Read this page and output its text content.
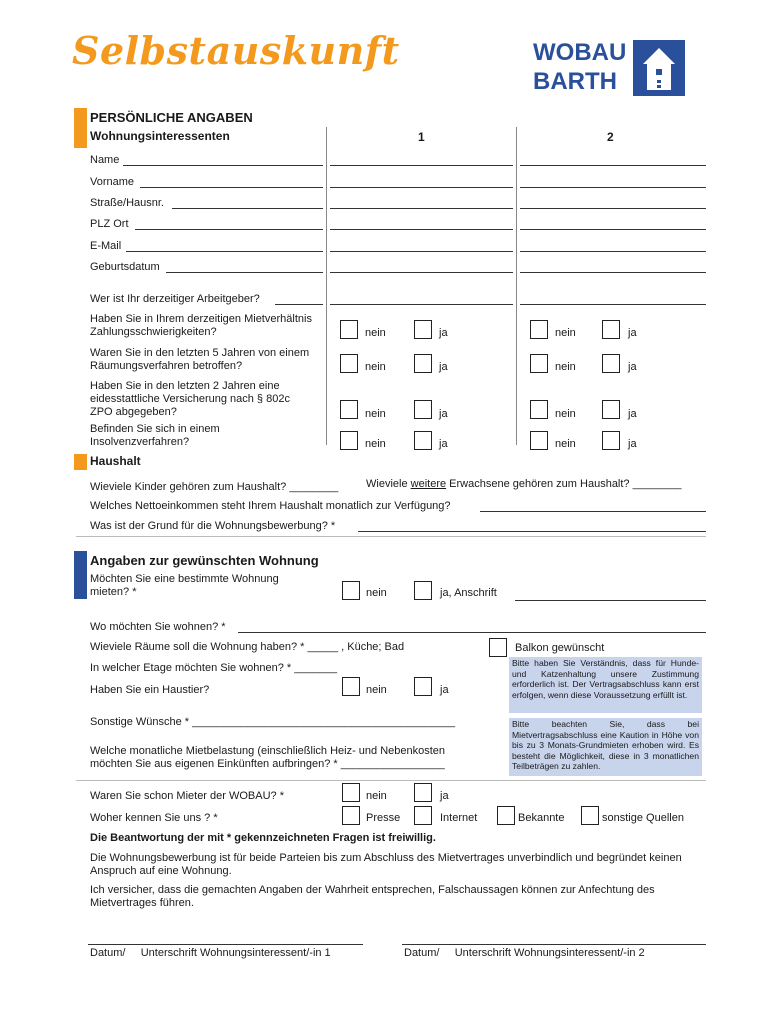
Selbstauskunft	WOBAU
BARTH
PERSÖNLICHE ANGABEN
Wohnungsinteressenten	1	2
Name
Vorname
Straße/Hausnr.
PLZ Ort
E-Mail
Geburtsdatum
Wer ist Ihr derzeitiger Arbeitgeber?
Haben Sie in Ihrem derzeitigen Mietverhältnis Zahlungsschwierigkeiten?	nein	ja	nein	ja
Waren Sie in den letzten 5 Jahren von einem Räumungsverfahren betroffen?	nein	ja	nein	ja
Haben Sie in den letzten 2 Jahren eine eidesstattliche Versicherung nach § 802c ZPO abgegeben?	nein	ja	nein	ja
Befinden Sie sich in einem Insolvenzverfahren?	nein	ja	nein	ja
Haushalt
Wieviele Kinder gehören zum Haushalt? ________	Wieviele weitere Erwachsene gehören zum Haushalt? ________
Welches Nettoeinkommen steht Ihrem Haushalt monatlich zur Verfügung?
Was ist der Grund für die Wohnungsbewerbung? *
Angaben zur gewünschten Wohnung
Möchten Sie eine bestimmte Wohnung mieten? *	nein	ja, Anschrift
Wo möchten Sie wohnen? *
Wieviele Räume soll die Wohnung haben? * _____ , Küche; Bad	Balkon gewünscht
In welcher Etage möchten Sie wohnen? * _______
Haben Sie ein Haustier?	nein	ja
Bitte haben Sie Verständnis, dass für Hunde- und Katzenhaltung unsere Zustimmung erforderlich ist. Der Vertragsabschluss kann erst erfolgen, wenn diese Voraussetzung erfüllt ist.
Sonstige Wünsche * ___________________________________________	Bitte beachten Sie, dass bei Mietvertragsabschluss eine Kaution in Höhe von bis zu 3 Monats-Grundmieten erhoben wird. Es besteht die Möglichkeit, diese in 3 monatlichen Teilbeträgen zu zahlen.
Welche monatliche Mietbelastung (einschließlich Heiz- und Nebenkosten möchten Sie aus eigenen Einkünften aufbringen? * _________________
Waren Sie schon Mieter der WOBAU? *	nein	ja
Woher kennen Sie uns ? *	Presse	Internet	Bekannte	sonstige Quellen
Die Beantwortung der mit * gekennzeichneten Fragen ist freiwillig.
Die Wohnungsbewerbung ist für beide Parteien bis zum Abschluss des Mietvertrages unverbindlich und begründet keinen Anspruch auf eine Wohnung.
Ich versicher, dass die gemachten Angaben der Wahrheit entsprechen, Falschaussagen können zur Anfechtung des Mietvertrages führen.
Datum/     Unterschrift Wohnungsinteressent/-in 1	Datum/     Unterschrift Wohnungsinteressent/-in 2
